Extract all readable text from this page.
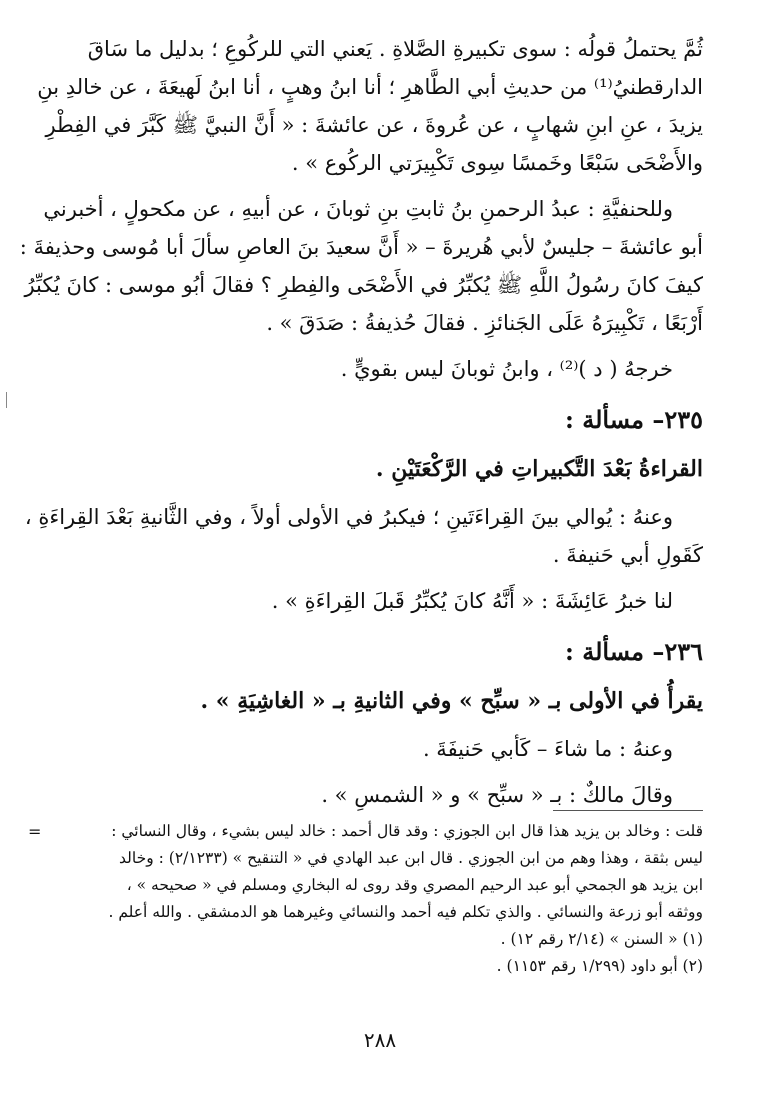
ثُمَّ يحتملُ قولُه : سوى تكبيرةِ الصَّلاةِ . يَعني التي للركُوعِ ؛ بدليل ما سَاقَ
الدارقطنيُ⁽¹⁾ من حديثِ أبي الطَّاهرِ ؛ أنا ابنُ وهبٍ ، أنا ابنُ لَهيعَةَ ، عن خالدِ بنِ
يزيدَ ، عنِ ابنِ شهابٍ ، عن عُروةَ ، عن عائشةَ : « أَنَّ النبيَّ ﷺ كَبَّرَ في الفِطْرِ
والأَضْحَى سَبْعًا وخَمسًا سِوى تَكْبِيرَتي الركُوع » .

وللحنفيَّةِ : عبدُ الرحمنِ بنُ ثابتِ بنِ ثوبانَ ، عن أبيهِ ، عن مكحولٍ ، أخبرني
أبو عائشةَ – جليسٌ لأبي هُريرةَ – « أَنَّ سعيدَ بنَ العاصِ سألَ أبا مُوسى وحذيفةَ :
كيفَ كانَ رسُولُ اللَّهِ ﷺ يُكبِّرُ في الأَضْحَى والفِطرِ ؟ فقالَ أبُو موسى : كانَ يُكبِّرُ
أَرْبَعًا ، تَكْبِيرَهُ عَلَى الجَنائزِ . فقالَ حُذيفةُ : صَدَقَ » .

خرجهُ ( د )⁽²⁾ ، وابنُ ثوبانَ ليس بقويٍّ .

٢٣٥– مسألة :
القراءةُ بَعْدَ التَّكبيراتِ في الرَّكْعَتَيْنِ .

وعنهُ : يُوالي بينَ القِراءَتَينِ ؛ فيكبرُ في الأولى أولاً ، وفي الثَّانيةِ بَعْدَ القِراءَةِ ،
كَقَولِ أبي حَنيفةَ .

لنا خبرُ عَائِشَةَ : « أَنَّهُ كانَ يُكبِّرُ قَبلَ القِراءَةِ » .

٢٣٦– مسألة :
يقرأُ في الأولى بـ « سبِّح » وفي الثانيةِ بـ « الغاشِيَةِ » .

وعنهُ : ما شاءَ – كَأبي حَنيفَةَ .

وقالَ مالكٌ : بـ « سبِّح » و « الشمسِ » .

=	قلت : وخالد بن يزيد هذا قال ابن الجوزي : وقد قال أحمد : خالد ليس بشيء ، وقال النسائي :
ليس بثقة ، وهذا وهم من ابن الجوزي . قال ابن عبد الهادي في « التنقيح » (٢/١٢٣٣) : وخالد
ابن يزيد هو الجمحي أبو عبد الرحيم المصري وقد روى له البخاري ومسلم في « صحيحه » ،
ووثقه أبو زرعة والنسائي . والذي تكلم فيه أحمد والنسائي وغيرهما هو الدمشقي . والله أعلم .
(١) « السنن » (٢/١٤ رقم ١٢) .
(٢) أبو داود (١/٢٩٩ رقم ١١٥٣) .
٢٨٨
